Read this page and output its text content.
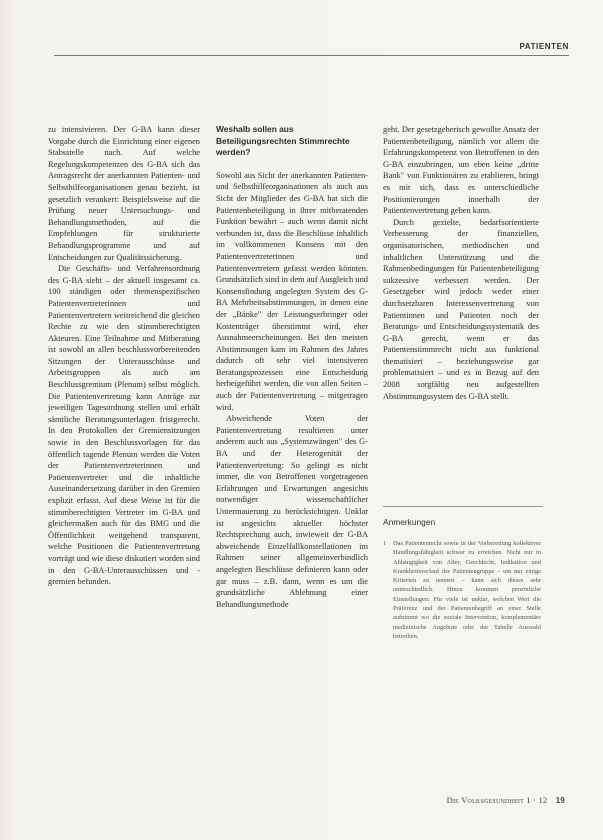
PATIENTEN

zu intensivieren. Der G-BA kann dieser Vorgabe durch die Einrichtung einer eigenen Stabsstelle nach. Auf welche Regelungskompetenzen des G-BA sich das Antragsrecht der anerkannten Patienten- und Selbsthilfeorganisationen genau bezieht, ist gesetzlich verankert: Beispielsweise auf die Prüfung neuer Untersuchungs- und Behandlungsmethoden, auf die Empfehlungen für strukturierte Behandlungsprogramme und auf Entscheidungen zur Qualitätssicherung.

Die Geschäfts- und Verfahrensordnung des G-BA sieht – der aktuell insgesamt ca. 100 ständigen oder themenspezifischen Patientenvertreterinnen und Patientenvertretern weitreichend die gleichen Rechte zu wie den stimmberechtigten Akteuren. Eine Teilnahme und Mitberatung ist sowohl an allen beschlussvorbereitenden Sitzungen der Unterausschüsse und Arbeitsgruppen als auch am Beschlussgremium (Plenum) selbst möglich. Die Patientenvertretung kann Anträge zur jeweiligen Tagesordnung stellen und erhält sämtliche Beratungsunterlagen fristgerecht. In den Protokollen der Gremiensitzungen sowie in den Beschlussvorlagen für das öffentlich tagende Plenum werden die Voten der Patientenvertreterinnen und Patientenvertreter und die inhaltliche Auseinandersetzung darüber in den Gremien explizit erfasst. Auf diese Weise ist für die stimmberechtigten Vertreter im G-BA und gleichermaßen auch für das BMG und die Öffentlichkeit weitgehend transparent, welche Positionen die Patientenvertretung vorträgt und wie diese diskutiert worden sind in den G-BA-Unterausschüssen und -gremien befunden.

Weshalb sollen aus Beteiligungsrechten Stimmrechte werden?

Sowohl aus Sicht der anerkannten Patienten- und Selbsthilfeorganisationen als auch aus Sicht der Mitglieder des G-BA hat sich die Patientenbeteiligung in ihrer mitberatenden Funktion bewährt – auch wenn damit nicht verbunden ist, dass die Beschlüsse inhaltlich im vollkommenen Konsens mit den Patientenvertreterinnen und Patientenvertretern gefasst werden könnten. Grundsätzlich sind in dem auf Ausgleich und Konsensfindung angelegten System des G-BA Mehrheitsabstimmungen, in denen eine der „Bänke" der Leistungserbringer oder Kostenträger überstimmt wird, eher Ausnahmeerscheinungen. Bei den meisten Abstimmungen kam im Rahmen des Jahres dadurch oft sehr viel intensiveren Beratungsprozessen eine Entscheidung herbeigeführt werden, die von allen Seiten – auch der Patientenvertretung – mitgetragen wird.

Abweichende Voten der Patientenvertretung resultieren unter anderem auch aus „Systemzwängen" des G-BA und der Heterogenität der Patientenvertretung: So gelingt es nicht immer, die von Betroffenen vorgetragenen Erfahrungen und Erwartungen angesichts notwendiger wissenschaftlicher Untermauerung zu berücksichtigen. Unklar ist angesichts aktueller höchster Rechtsprechung auch, inwieweit der G-BA abweichende Einzelfallkonstellationen im Rahmen seiner allgemeinverbindlich angelegten Beschlüsse definieren kann oder gar muss – z.B. dann, wenn es um die grundsätzliche Ablehnung einer Behandlungsmethode

geht. Der gesetzgeberisch gewollte Ansatz der Patientenbeteiligung, nämlich vor allem die Erfahrungskompetenz von Betroffenen in den G-BA einzubringen, um eben keine „dritte Bank" von Funktionären zu etablieren, bringt es mit sich, dass es unterschiedliche Positionierungen innerhalb der Patientenvertretung geben kann.

Durch gezielte, bedarfsorientierte Verbesserung der finanziellen, organisatorischen, methodischen und inhaltlichen Unterstützung und die Rahmenbedingungen für Patientenbeteiligung sukzessive verbessert werden. Der Gesetzgeber wird jedoch weder einer durchsetzbaren Interessenvertretung von Patientinnen und Patienten noch der Beratungs- und Entscheidungssystematik des G-BA gerecht, wenn er das Patientenstimmrecht nicht aus funktional thematisiert – beziehungsweise gar problematisiert – und es in Bezug auf den 2008 sorgfältig neu aufgestellten Abstimmungssystem des G-BA stellt.

Anmerkungen
1	Das Patientenrecht sowie in der Vorbereitung kollektiver Handlungsfähigkeit schwer zu erreichen. Nicht nur in Abhängigkeit von Alter, Geschlecht, Indikation und Krankheitsverlauf der Patientengruppe – um nur einige Kriterien zu nennen – kann sich dieses sehr unterschiedlich. Hinzu kommen persönliche Einstellungen: Für viele ist unklar, welchen Wert die Präferenz und der Patientenbegriff an einer Stelle aufnimmt wo die soziale Intervention, komplementäre medizinische Angebote oder der Tabelle Auswahl betreiben.
Die Volksgesundheit 1 · 12 19
